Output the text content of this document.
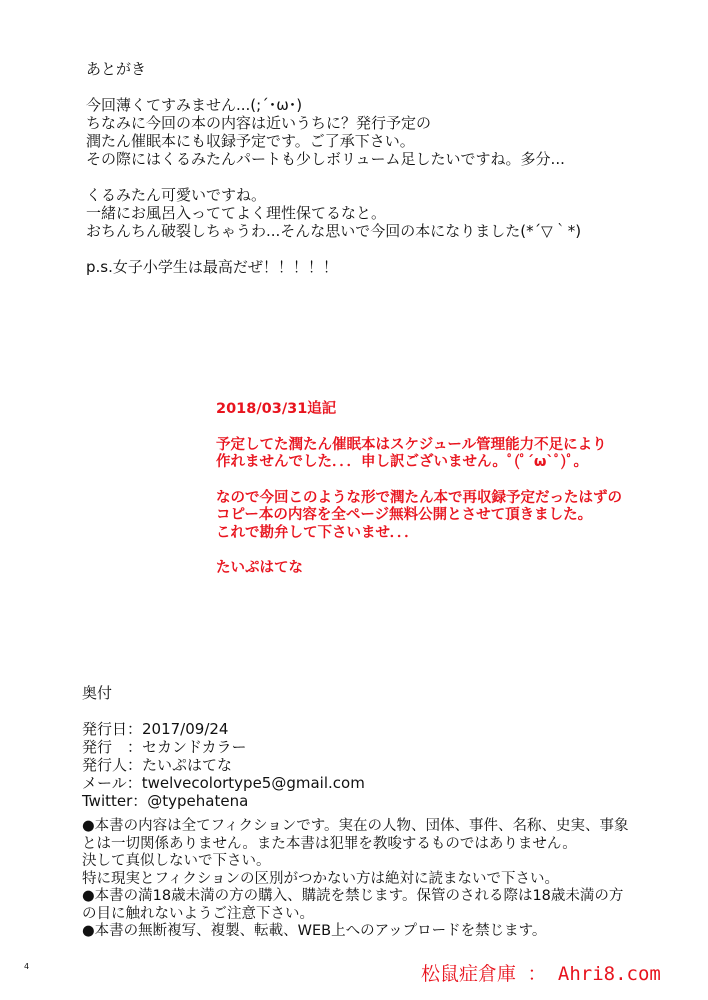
あとがき
今回薄くてすみません...(;´･ω･)
ちなみに今回の本の内容は近いうちに？発行予定の
潤たん催眠本にも収録予定です。ご了承下さい。
その際にはくるみたんパートも少しボリューム足したいですね。多分...
くるみたん可愛いですね。
一緒にお風呂入っててよく理性保てるなと。
おちんちん破裂しちゃうわ...そんな思いで今回の本になりました(*´▽｀*)
p.s.女子小学生は最高だぜ！！！！！
2018/03/31追記
予定してた潤たん催眠本はスケジュール管理能力不足により
作れませんでした．．．申し訳ございません。ﾟ(ﾟ´ω`ﾟ)ﾟ。
なので今回このような形で潤たん本で再収録予定だったはずの
コピー本の内容を全ページ無料公開とさせて頂きました。
これで勘弁して下さいませ．．．
たいぷはてな
奥付
発行日：2017/09/24
発行　：セカンドカラー
発行人：たいぷはてな
メール：twelvecolortype5@gmail.com
Twitter：@typehatena
●本書の内容は全てフィクションです。実在の人物、団体、事件、名称、史実、事象
とは一切関係ありません。また本書は犯罪を教唆するものではありません。
決して真似しないで下さい。
特に現実とフィクションの区別がつかない方は絶対に読まないで下さい。
●本書の満18歳未満の方の購入、購読を禁じます。保管のされる際は18歳未満の方
の目に触れないようご注意下さい。
●本書の無断複写、複製、転載、WEB上へのアップロードを禁じます。
4	松鼠症倉庫 ： Ahri8.com
